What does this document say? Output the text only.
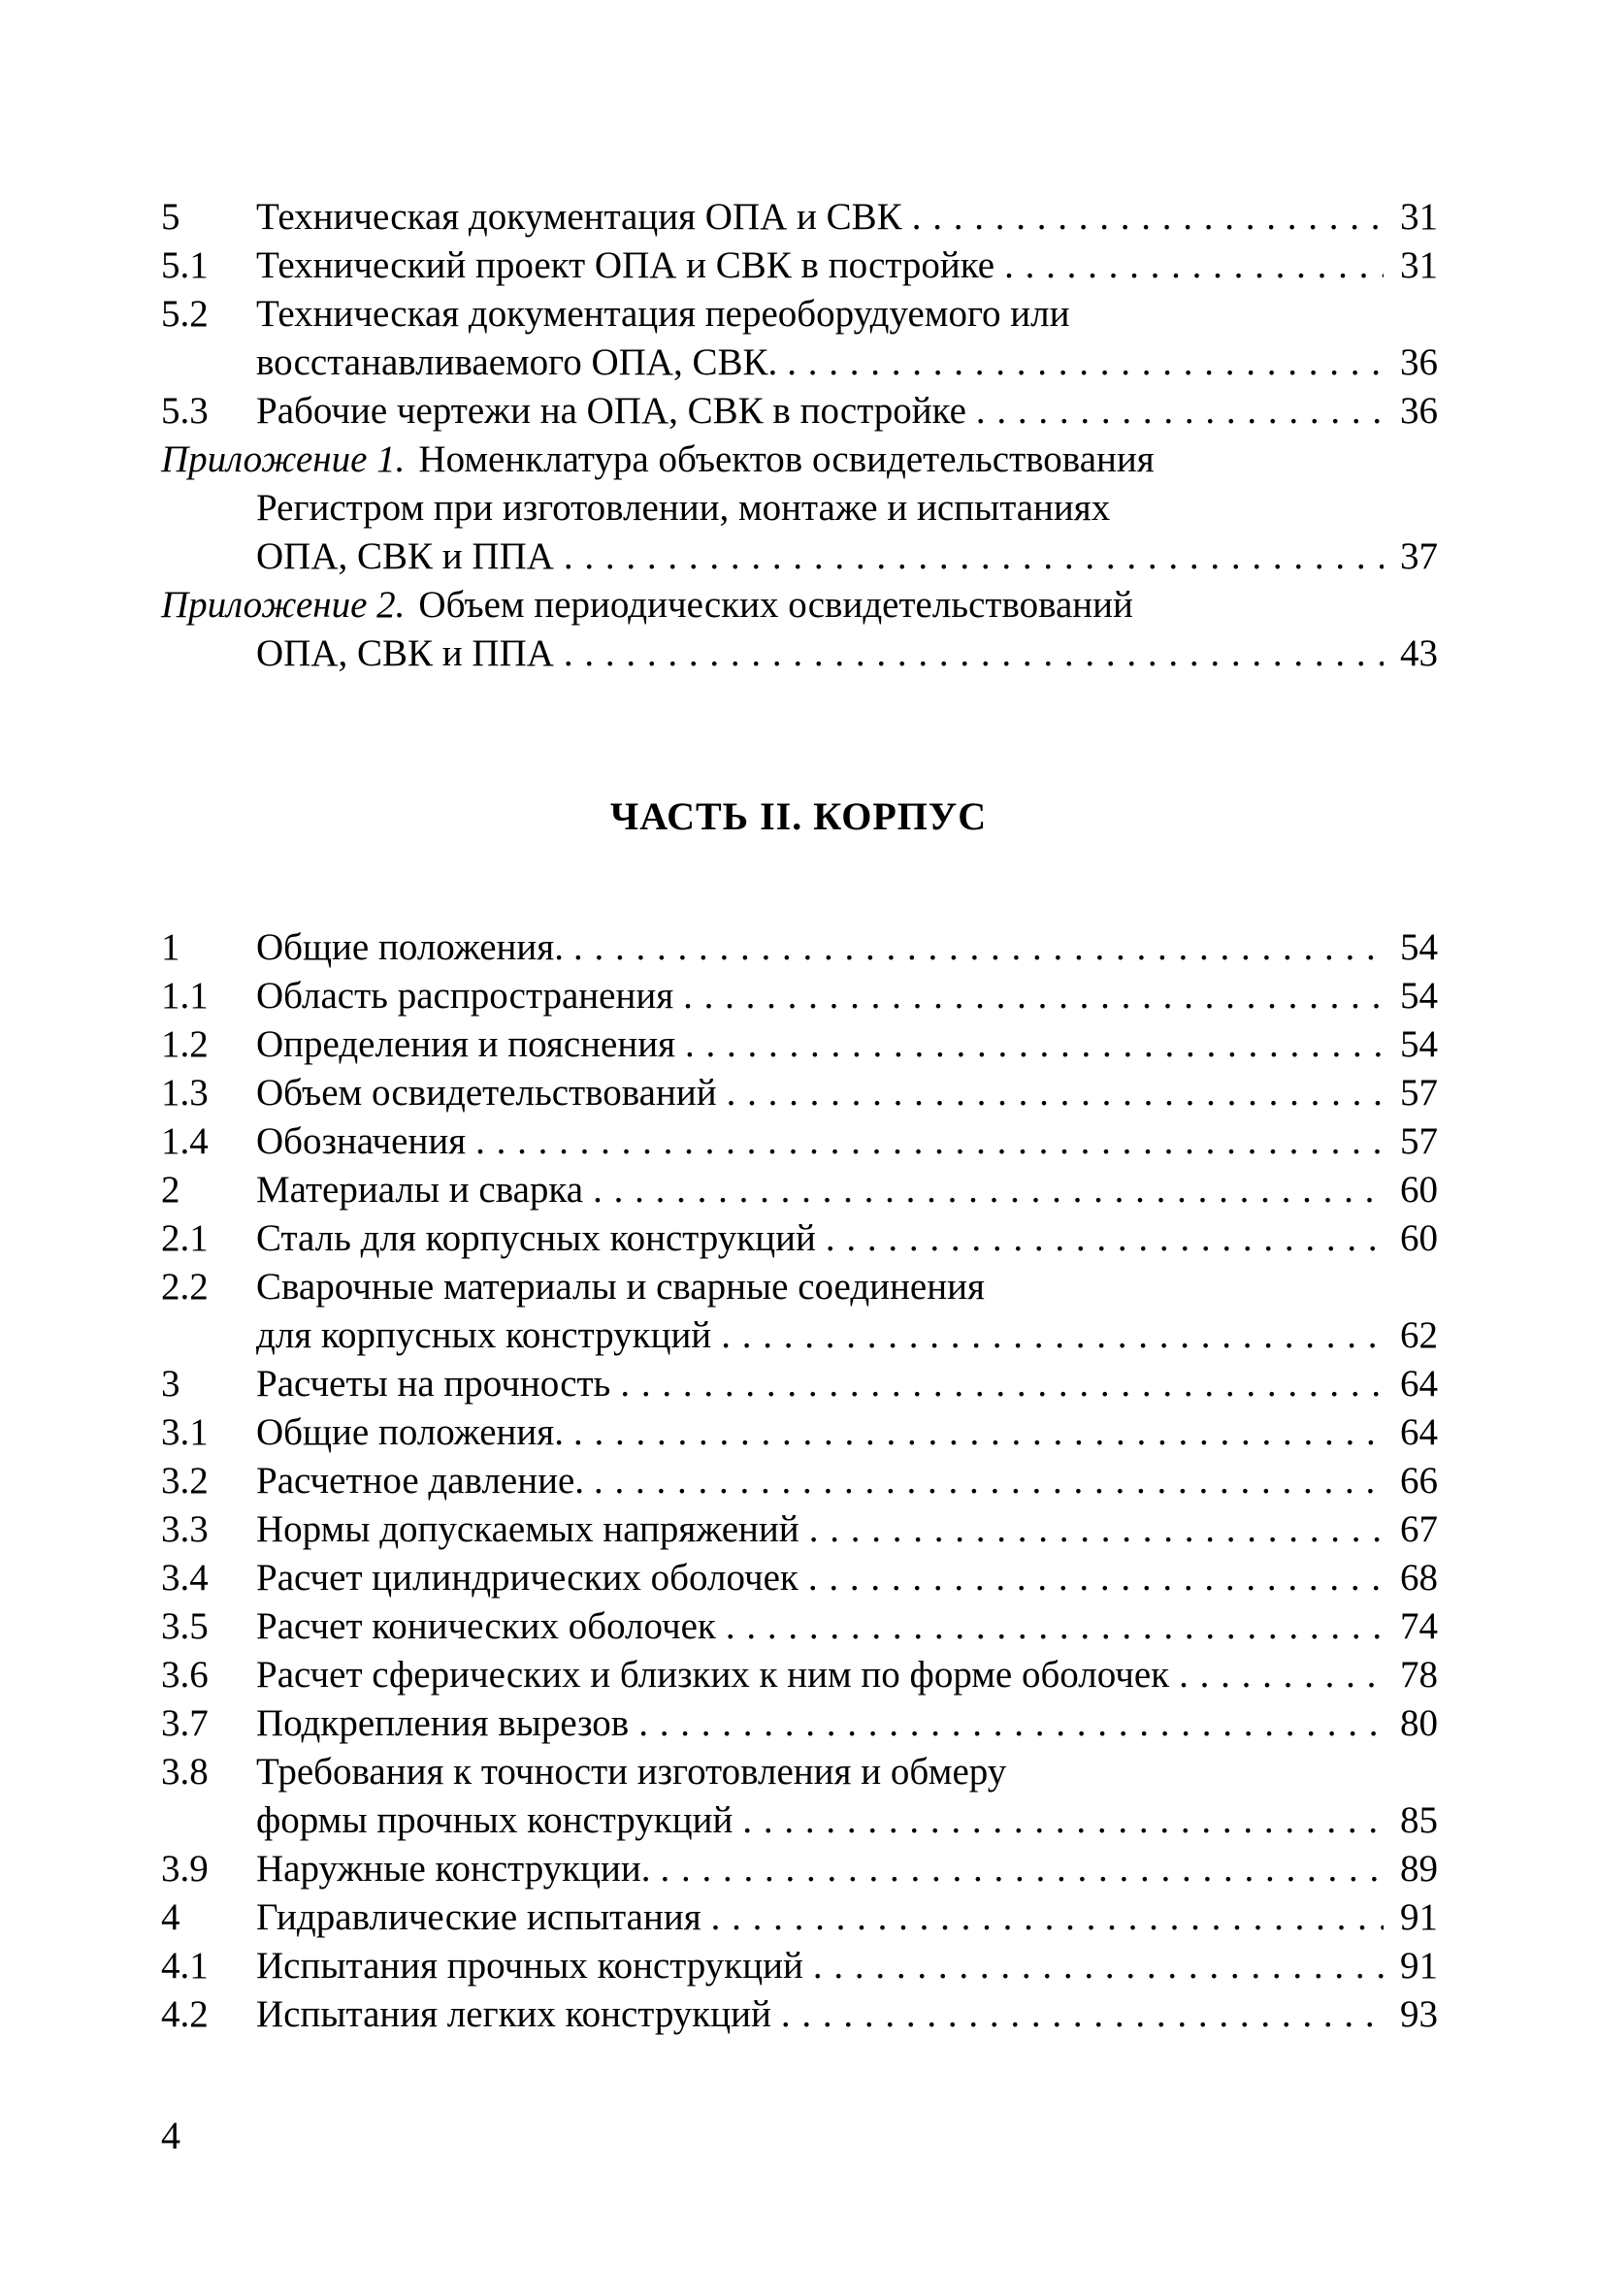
5	Техническая документация ОПА и СВК . . .	31
5.1	Технический проект ОПА и СВК в постройке . . .	31
5.2	Техническая документация переоборудуемого или
восстанавливаемого ОПА, СВК. . . .	36
5.3	Рабочие чертежи на ОПА, СВК в постройке . . .	36
Приложение 1. Номенклатура объектов освидетельствования
Регистром при изготовлении, монтаже и испытаниях
ОПА, СВК и ППА . . .	37
Приложение 2. Объем периодических освидетельствований
ОПА, СВК и ППА . . .	43
ЧАСТЬ II. КОРПУС
1	Общие положения. . . .	54
1.1	Область распространения . . .	54
1.2	Определения и пояснения . . .	54
1.3	Объем освидетельствований . . .	57
1.4	Обозначения . . .	57
2	Материалы и сварка . . .	60
2.1	Сталь для корпусных конструкций . . .	60
2.2	Сварочные материалы и сварные соединения
для корпусных конструкций . . .	62
3	Расчеты на прочность . . .	64
3.1	Общие положения. . . .	64
3.2	Расчетное давление. . . .	66
3.3	Нормы допускаемых напряжений . . .	67
3.4	Расчет цилиндрических оболочек . . .	68
3.5	Расчет конических оболочек . . .	74
3.6	Расчет сферических и близких к ним по форме оболочек . . .	78
3.7	Подкрепления вырезов . . .	80
3.8	Требования к точности изготовления и обмеру
формы прочных конструкций . . .	85
3.9	Наружные конструкции. . . .	89
4	Гидравлические испытания . . .	91
4.1	Испытания прочных конструкций . . .	91
4.2	Испытания легких конструкций . . .	93
4
